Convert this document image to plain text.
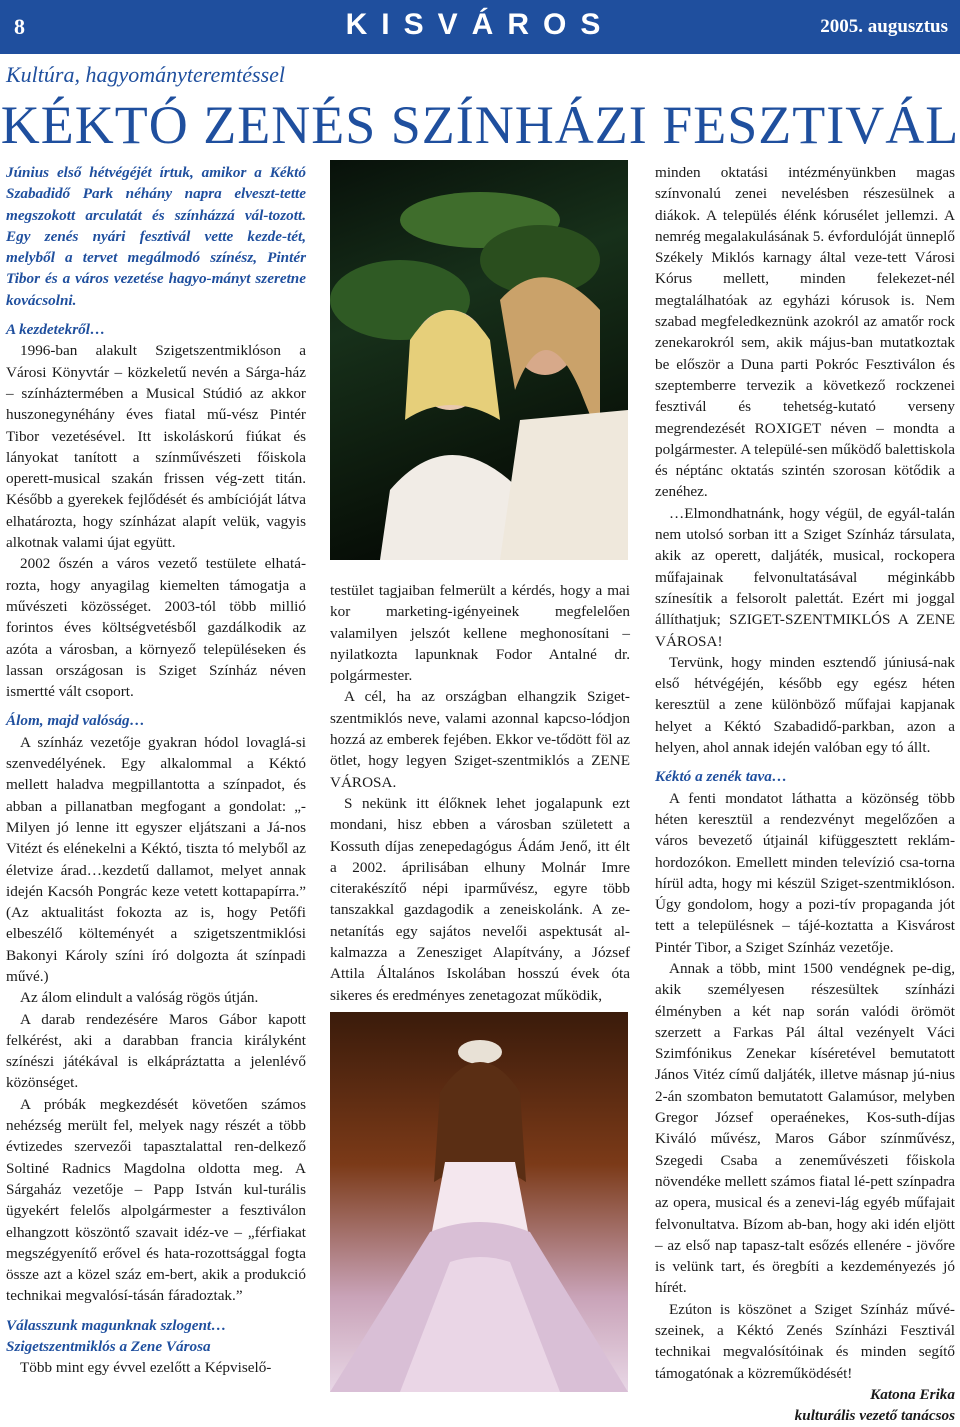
8	KISVÁROS	2005. augusztus
Kultúra, hagyományteremtéssel
KÉKTÓ ZENÉS SZÍNHÁZI FESZTIVÁL

Június első hétvégéjét írtuk, amikor a Kéktó Szabadidő Park néhány napra elveszt-tette megszokott arculatát és színházzá vál-tozott. Egy zenés nyári fesztivál vette kezde-tét, melyből a tervet megálmodó színész, Pintér Tibor és a város vezetése hagyo-mányt szeretne kovácsolni.

A kezdetekről…

1996-ban alakult Szigetszentmiklóson a Városi Könyvtár – közkeletű nevén a Sárga-ház – színháztermében a Musical Stúdió az akkor huszonegynéhány éves fiatal mű-vész Pintér Tibor vezetésével. Itt iskoláskorú fiúkat és lányokat tanított a színművészeti főiskola operett-musical szakán frissen vég-zett titán. Később a gyerekek fejlődését és ambícióját látva elhatározta, hogy színházat alapít velük, vagyis alkotnak valami újat együtt.

2002 őszén a város vezető testülete elhatá-rozta, hogy anyagilag kiemelten támogatja a művészeti közösséget. 2003-tól több millió forintos éves költségvetésből gazdálkodik az azóta a városban, a környező településeken és lassan országosan is Sziget Színház néven ismertté vált csoport.

Álom, majd valóság…

A színház vezetője gyakran hódol lovaglá-si szenvedélyének. Egy alkalommal a Kéktó mellett haladva megpillantotta a színpadot, és abban a pillanatban megfogant a gondolat: „-Milyen jó lenne itt egyszer eljátszani a Já-nos Vitézt és elénekelni a Kéktó, tiszta tó melyből az életvize árad…kezdetű dallamot, melyet annak idején Kacsóh Pongrác keze vetett kottapapírra.” (Az aktualitást fokozta az is, hogy Petőfi elbeszélő költeményét a szigetszentmiklósi Bakonyi Károly színi író dolgozta át színpadi művé.)

Az álom elindult a valóság rögös útján.

A darab rendezésére Maros Gábor kapott felkérést, aki a darabban francia királyként színészi játékával is elkápráztatta a jelenlévő közönséget.

A próbák megkezdését követően számos nehézség merült fel, melyek nagy részét a több évtizedes szervezői tapasztalattal ren-delkező Soltiné Radnics Magdolna oldotta meg. A Sárgaház vezetője – Papp István kul-turális ügyekért felelős alpolgármester a fesztiválon elhangzott köszöntő szavait idéz-ve – „férfiakat megszégyenítő erővel és hata-rozottsággal fogta össze azt a közel száz em-bert, akik a produkció technikai megvalósí-tásán fáradoztak.”

Válasszunk magunknak szlogent…

Szigetszentmiklós a Zene Városa

Több mint egy évvel ezelőtt a Képviselő-

testület tagjaiban felmerült a kérdés, hogy a mai kor marketing-igényeinek megfelelően valamilyen jelszót kellene meghonosítani – nyilatkozta lapunknak Fodor Antalné dr. polgármester.

A cél, ha az országban elhangzik Sziget-szentmiklós neve, valami azonnal kapcso-lódjon hozzá az emberek fejében. Ekkor ve-tődött föl az ötlet, hogy legyen Sziget-szentmiklós a ZENE VÁROSA.

S nekünk itt élőknek lehet jogalapunk ezt mondani, hisz ebben a városban született a Kossuth díjas zenepedagógus Ádám Jenő, itt élt a 2002. áprilisában elhuny Molnár Imre citerakészítő népi iparművész, egyre több tanszakkal gazdagodik a zeneiskolánk. A ze-netanítás egy sajátos nevelői aspektusát al-kalmazza a Zenesziget Alapítvány, a József Attila Általános Iskolában hosszú évek óta sikeres és eredményes zenetagozat működik,

minden oktatási intézményünkben magas színvonalú zenei nevelésben részesülnek a diákok. A település élénk kórusélet jellemzi. A nemrég megalakulásának 5. évfordulóját ünneplő Székely Miklós karnagy által veze-tett Városi Kórus mellett, minden felekezet-nél megtalálhatóak az egyházi kórusok is. Nem szabad megfeledkeznünk azokról az amatőr rock zenekarokról sem, akik május-ban mutatkoztak be először a Duna parti Pokróc Fesztiválon és szeptemberre tervezik a következő rockzenei fesztivál és tehetség-kutató verseny megrendezését ROXIGET néven – mondta a polgármester. A települé-sen működő balettiskola és néptánc oktatás szintén szorosan kötődik a zenéhez.

…Elmondhatnánk, hogy végül, de egyál-talán nem utolsó sorban itt a Sziget Színház társulata, akik az operett, daljáték, musical, rockopera műfajainak felvonultatásával méginkább színesítik a felsorolt palettát. Ezért mi joggal állíthatjuk; SZIGET-SZENTMIKLÓS A ZENE VÁROSA!

Tervünk, hogy minden esztendő júniusá-nak első hétvégéjén, később egy egész héten keresztül a zene különböző műfajai kapjanak helyet a Kéktó Szabadidő-parkban, azon a helyen, ahol annak idején valóban egy tó állt.

Kéktó a zenék tava…

A fenti mondatot láthatta a közönség több héten keresztül a rendezvényt megelőzően a város bevezető útjainál kifüggesztett reklám-hordozókon. Emellett minden televízió csa-torna hírül adta, hogy mi készül Sziget-szentmiklóson. Úgy gondolom, hogy a pozi-tív propaganda jót tett a településnek – tájé-koztatta a Kisvárost Pintér Tibor, a Sziget Színház vezetője.

Annak a több, mint 1500 vendégnek pe-dig, akik személyesen részesültek színházi élményben a két nap során valódi örömöt szerzett a Farkas Pál által vezényelt Váci Szimfónikus Zenekar kíséretével bemutatott János Vitéz című daljáték, illetve másnap jú-nius 2-án szombaton bemutatott Galamúsor, melyben Gregor József operaénekes, Kos-suth-díjas Kiváló művész, Maros Gábor színművész, Szegedi Csaba a zeneművészeti főiskola növendéke mellett számos fiatal lé-pett színpadra az opera, musical és a zenevi-lág egyéb műfajait felvonultatva. Bízom ab-ban, hogy aki idén eljött – az első nap tapasz-talt esőzés ellenére - jövőre is velünk tart, és öregbíti a kezdeményezés jó hírét.

Ezúton is köszönet a Sziget Színház művé-szeinek, a Kéktó Zenés Színházi Fesztivál technikai megvalósítóinak és minden segítő támogatónak a közreműködését!

Katona Erika

kulturális vezető tanácsos
